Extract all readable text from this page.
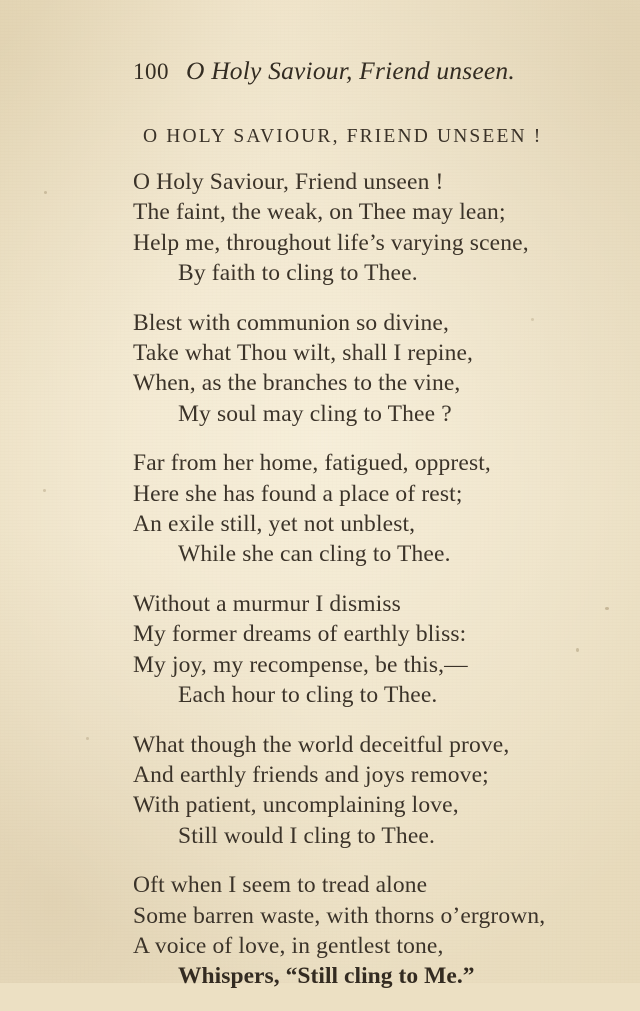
100 O Holy Saviour, Friend unseen.
O HOLY SAVIOUR, FRIEND UNSEEN !
O Holy Saviour, Friend unseen !
The faint, the weak, on Thee may lean;
Help me, throughout life’s varying scene,
By faith to cling to Thee.
Blest with communion so divine,
Take what Thou wilt, shall I repine,
When, as the branches to the vine,
My soul may cling to Thee ?
Far from her home, fatigued, opprest,
Here she has found a place of rest;
An exile still, yet not unblest,
While she can cling to Thee.
Without a murmur I dismiss
My former dreams of earthly bliss:
My joy, my recompense, be this,—
Each hour to cling to Thee.
What though the world deceitful prove,
And earthly friends and joys remove;
With patient, uncomplaining love,
Still would I cling to Thee.
Oft when I seem to tread alone
Some barren waste, with thorns o’ergrown,
A voice of love, in gentlest tone,
Whispers, “Still cling to Me.”
